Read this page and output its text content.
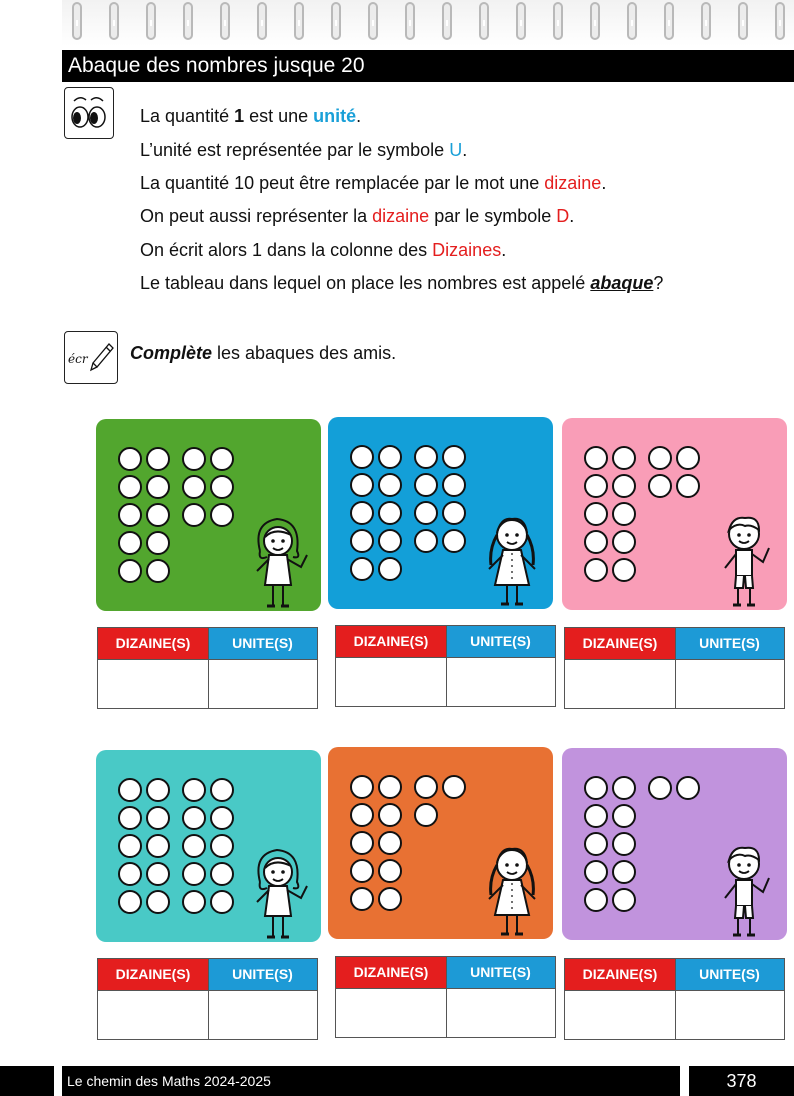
Abaque des nombres jusque 20

La quantité 1 est une unité.

L’unité est représentée par le symbole U.

La quantité 10 peut être remplacée par le mot une dizaine.

On peut aussi représenter la dizaine par le symbole D.

On écrit alors 1 dans la colonne des Dizaines.

Le tableau dans lequel on place les nombres est appelé abaque?

écr Complète les abaques des amis.
DIZAINE(S)	UNITE(S)	DIZAINE(S)	UNITE(S)	DIZAINE(S)	UNITE(S)
DIZAINE(S)	UNITE(S)	DIZAINE(S)	UNITE(S)	DIZAINE(S)	UNITE(S)
Le chemin des Maths 2024-2025	378
